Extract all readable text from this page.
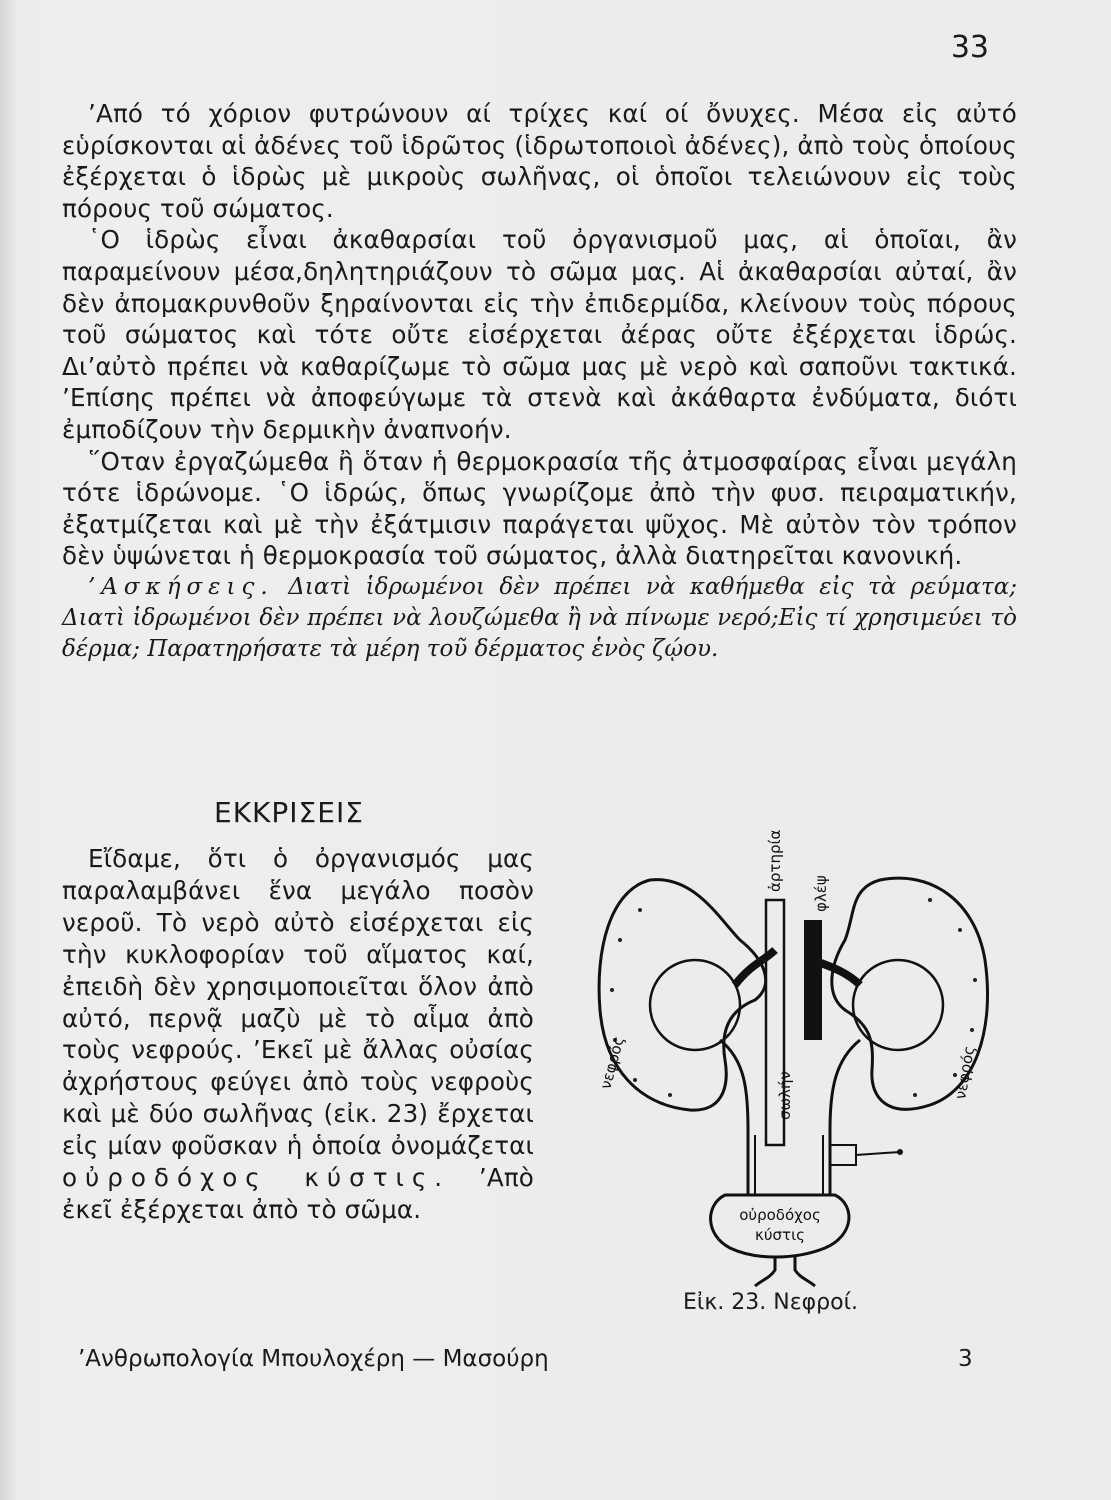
33

’Από τό χόριον φυτρώνουν αί τρίχες καί οί ὄνυχες. Μέσα εἰς αὐτό εὑρίσκονται αἱ ἀδένες τοῦ ἱδρῶτος (ἱδρωτοποιοὶ ἀδένες), ἀπὸ τοὺς ὁποίους ἐξέρχεται ὁ ἱδρὼς μὲ μικροὺς σωλῆνας, οἱ ὁποῖοι τελειώνουν εἰς τοὺς πόρους τοῦ σώματος.

῾Ο ἱδρὼς εἶναι ἀκαθαρσίαι τοῦ ὀργανισμοῦ μας, αἱ ὁποῖαι, ἂν παραμείνουν μέσα,δηλητηριάζουν τὸ σῶμα μας. Αἱ ἀκαθαρσίαι αὐταί, ἂν δὲν ἀπομακρυνθοῦν ξηραίνονται εἰς τὴν ἐπιδερμίδα, κλείνουν τοὺς πόρους τοῦ σώματος καὶ τότε οὔτε εἰσέρχεται ἀέρας οὔτε ἐξέρχεται ἱδρώς. Δι’αὐτὸ πρέπει νὰ καθαρίζωμε τὸ σῶμα μας μὲ νερὸ καὶ σαποῦνι τακτικά. ’Επίσης πρέπει νὰ ἀποφεύγωμε τὰ στενὰ καὶ ἀκάθαρτα ἐνδύματα, διότι ἐμποδίζουν τὴν δερμικὴν ἀναπνοήν.

῞Οταν ἐργαζώμεθα ἢ ὅταν ἡ θερμοκρασία τῆς ἀτμοσφαίρας εἶναι μεγάλη τότε ἱδρώνομε. ῾Ο ἱδρώς, ὅπως γνωρίζομε ἀπὸ τὴν φυσ. πειραματικήν, ἐξατμίζεται καὶ μὲ τὴν ἐξάτμισιν παράγεται ψῦχος. Μὲ αὐτὸν τὸν τρόπον δὲν ὑψώνεται ἡ θερμοκρασία τοῦ σώματος, ἀλλὰ διατηρεῖται κανονική.

’Ασκήσεις. Διατὶ ἱδρωμένοι δὲν πρέπει νὰ καθήμεθα εἰς τὰ ρεύματα; Διατὶ ἱδρωμένοι δὲν πρέπει νὰ λουζώμεθα ἢ νὰ πίνωμε νερό;Εἰς τί χρησιμεύει τὸ δέρμα; Παρατηρήσατε τὰ μέρη τοῦ δέρματος ἑνὸς ζῴου.

ΕΚΚΡΙΣΕΙΣ

Εἴδαμε, ὅτι ὁ ὀργανισμός μας παραλαμβάνει ἕνα μεγάλο ποσὸν νεροῦ. Τὸ νερὸ αὐτὸ εἰσέρχεται εἰς τὴν κυκλοφορίαν τοῦ αἵματος καί, ἐπειδὴ δὲν χρησιμοποιεῖται ὅλον ἀπὸ αὐτό, περνᾷ μαζὺ μὲ τὸ αἷμα ἀπὸ τοὺς νεφρούς. ’Εκεῖ μὲ ἄλλας οὐσίας ἀχρήστους φεύγει ἀπὸ τοὺς νεφροὺς καὶ μὲ δύο σωλῆνας (εἰκ. 23) ἔρχεται εἰς μίαν φοῦσκαν ἡ ὁποία ὀνομάζεται οὐροδόχος κύστις. ’Απὸ ἐκεῖ ἐξέρχεται ἀπὸ τὸ σῶμα.

ἀρτηρία
φλέψ
νεφρός	νεφρός
σωλήν
οὐροδόχος
κύστις
Εἰκ. 23. Νεφροί.
’Ανθρωπολογία Μπουλοχέρη — Μασούρη	3
